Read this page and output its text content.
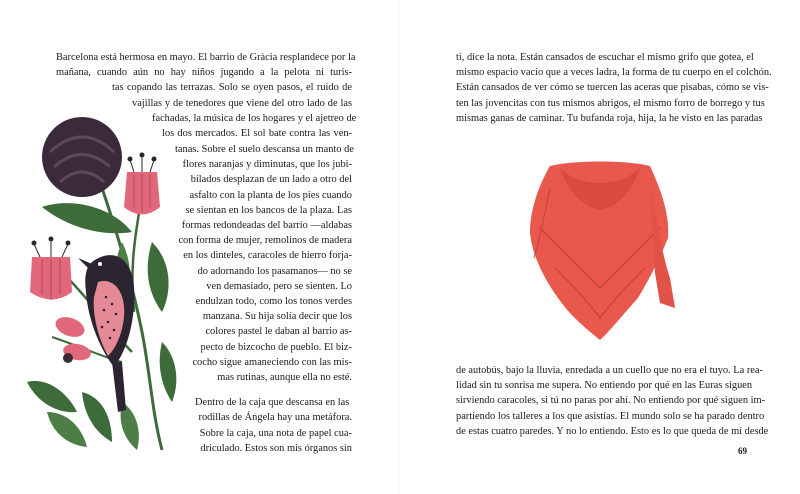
Barcelona está hermosa en mayo. El barrio de Gràcia resplandece por la
mañana, cuando aún no hay niños jugando a la pelota ni turis-
tas copando las terrazas. Solo se oyen pasos, el ruido de
vajillas y de tenedores que viene del otro lado de las
fachadas, la música de los hogares y el ajetreo de
los dos mercados. El sol bate contra las ven-
tanas. Sobre el suelo descansa un manto de
flores naranjas y diminutas, que los jubi-
bilados desplazan de un lado a otro del
asfalto con la planta de los pies cuando
se sientan en los bancos de la plaza. Las
formas redondeadas del barrio —aldabas
con forma de mujer, remolinos de madera
en los dinteles, caracoles de hierro forja-
do adornando los pasamanos— no se
ven demasiado, pero se sienten. Lo
endulzan todo, como los tonos verdes
manzana. Su hija solía decir que los
colores pastel le daban al barrio as-
pecto de bizcocho de pueblo. El biz-
cocho sigue amaneciendo con las mis-
mas rutinas, aunque ella no esté.
Dentro de la caja que descansa en las
rodillas de Ángela hay una metáfora.
Sobre la caja, una nota de papel cua-
driculado. Estos son mis órganos sin
ti, dice la nota. Están cansados de escuchar el mismo grifo que gotea, el
mismo espacio vacío que a veces ladra, la forma de tu cuerpo en el colchón.
Están cansados de ver cómo se tuercen las aceras que pisabas, cómo se vis-
ten las jovencitas con tus mismos abrigos, el mismo forro de borrego y tus
mismas ganas de caminar. Tu bufanda roja, hija, la he visto en las paradas
de autobús, bajo la lluvia, enredada a un cuello que no era el tuyo. La rea-
lidad sin tu sonrisa me supera. No entiendo por qué en las Euras siguen
sirviendo caracoles, si tú no paras por ahí. No entiendo por qué siguen im-
partiendo los talleres a los que asistías. El mundo solo se ha parado dentro
de estas cuatro paredes. Y no lo entiendo. Esto es lo que queda de mí desde
69
